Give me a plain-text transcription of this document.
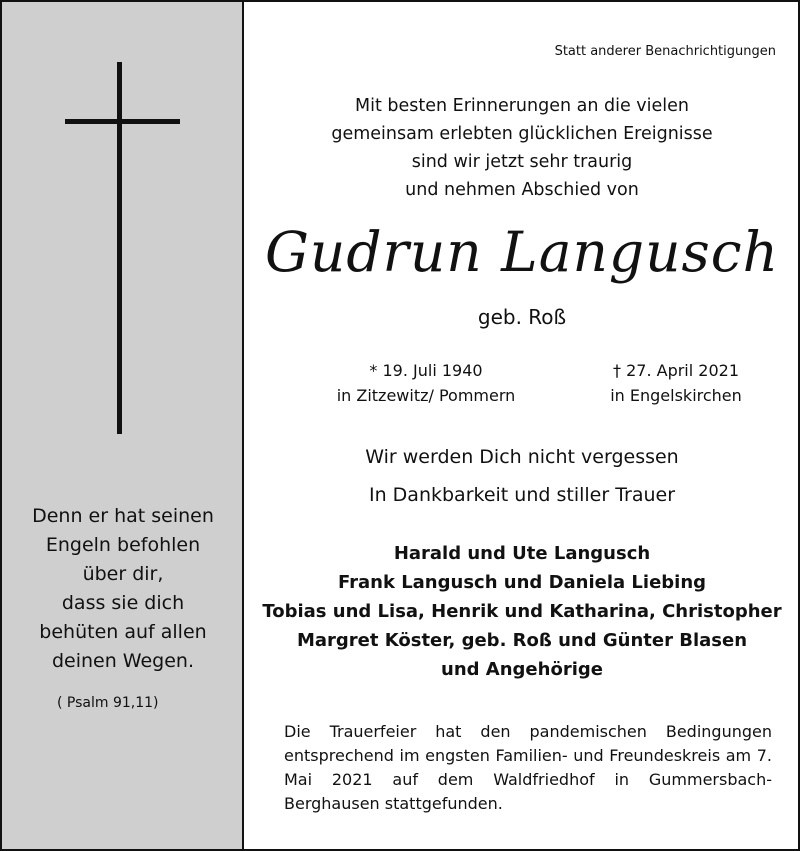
Denn er hat seinen
Engeln befohlen
über dir,
dass sie dich
behüten auf allen
deinen Wegen.
( Psalm 91,11)
Statt anderer Benachrichtigungen
Mit besten Erinnerungen an die vielen
gemeinsam erlebten glücklichen Ereignisse
sind wir jetzt sehr traurig
und nehmen Abschied von
Gudrun Langusch
geb. Roß
* 19. Juli 1940
in Zitzewitz/ Pommern
† 27. April 2021
in Engelskirchen
Wir werden Dich nicht vergessen
In Dankbarkeit und stiller Trauer
Harald und Ute Langusch
Frank Langusch und Daniela Liebing
Tobias und Lisa, Henrik und Katharina, Christopher
Margret Köster, geb. Roß und Günter Blasen
und Angehörige
Die Trauerfeier hat den pandemischen Bedingungen entsprechend im engsten Familien- und Freundeskreis am 7. Mai 2021 auf dem Waldfriedhof in Gummersbach-Berghausen stattgefunden.
